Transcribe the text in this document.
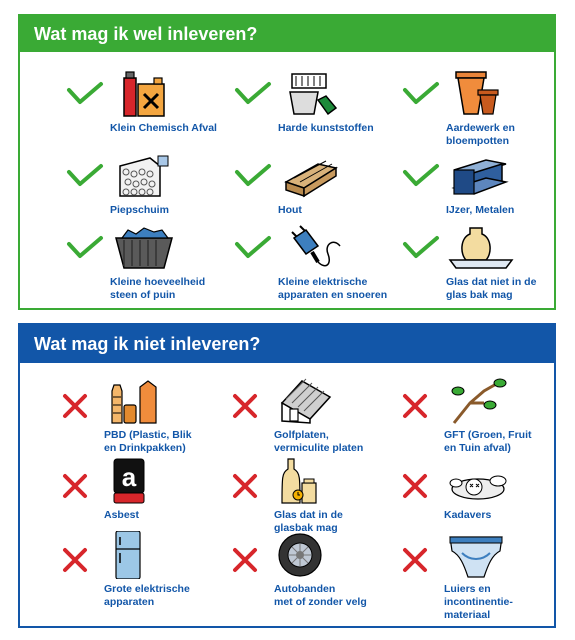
Wat mag ik wel inleveren?
Klein Chemisch Afval	Harde kunststoffen	Aardewerk en
bloempotten
Piepschuim	Hout	IJzer, Metalen
Kleine hoeveelheid
steen of puin
Kleine elektrische
apparaten en snoeren
Glas dat niet in de
glas bak mag
Wat mag ik niet inleveren?
PBD (Plastic, Blik
en Drinkpakken)
Golfplaten,
vermiculite platen
GFT (Groen, Fruit
en Tuin afval)
a
Asbest	Glas dat in de
glasbak mag
Kadavers
Grote elektrische
apparaten
Autobanden
met of zonder velg
Luiers en
incontinentie-
materiaal
